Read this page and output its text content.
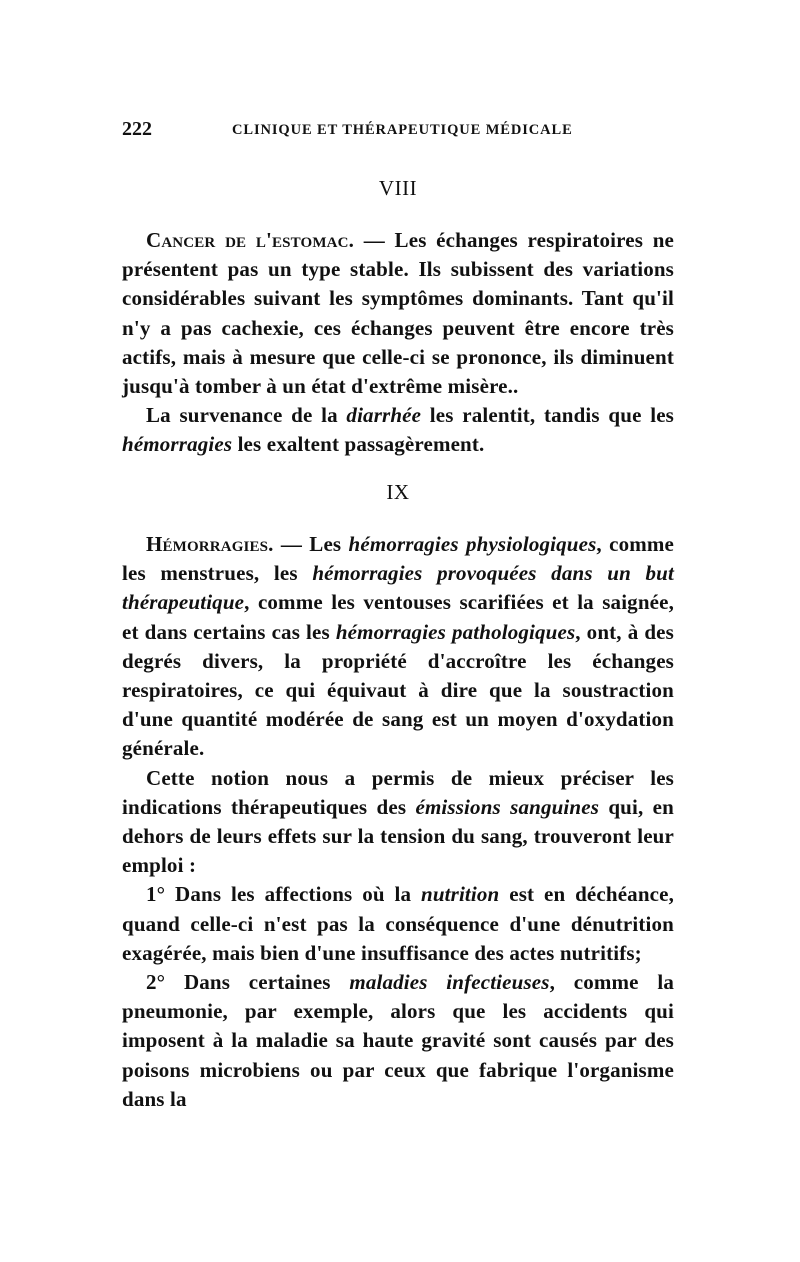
222	CLINIQUE ET THÉRAPEUTIQUE MÉDICALE
VIII

Cancer de l'estomac. — Les échanges respiratoires ne présentent pas un type stable. Ils subissent des variations considérables suivant les symptômes dominants. Tant qu'il n'y a pas cachexie, ces échanges peuvent être encore très actifs, mais à mesure que celle-ci se prononce, ils diminuent jusqu'à tomber à un état d'extrême misère..

La survenance de la diarrhée les ralentit, tandis que les hémorragies les exaltent passagèrement.

IX

Hémorragies. — Les hémorragies physiologiques, comme les menstrues, les hémorragies provoquées dans un but thérapeutique, comme les ventouses scarifiées et la saignée, et dans certains cas les hémorragies pathologiques, ont, à des degrés divers, la propriété d'accroître les échanges respiratoires, ce qui équivaut à dire que la soustraction d'une quantité modérée de sang est un moyen d'oxydation générale.

Cette notion nous a permis de mieux préciser les indications thérapeutiques des émissions sanguines qui, en dehors de leurs effets sur la tension du sang, trouveront leur emploi :

1° Dans les affections où la nutrition est en déchéance, quand celle-ci n'est pas la conséquence d'une dénutrition exagérée, mais bien d'une insuffisance des actes nutritifs;

2° Dans certaines maladies infectieuses, comme la pneumonie, par exemple, alors que les accidents qui imposent à la maladie sa haute gravité sont causés par des poisons microbiens ou par ceux que fabrique l'organisme dans la
